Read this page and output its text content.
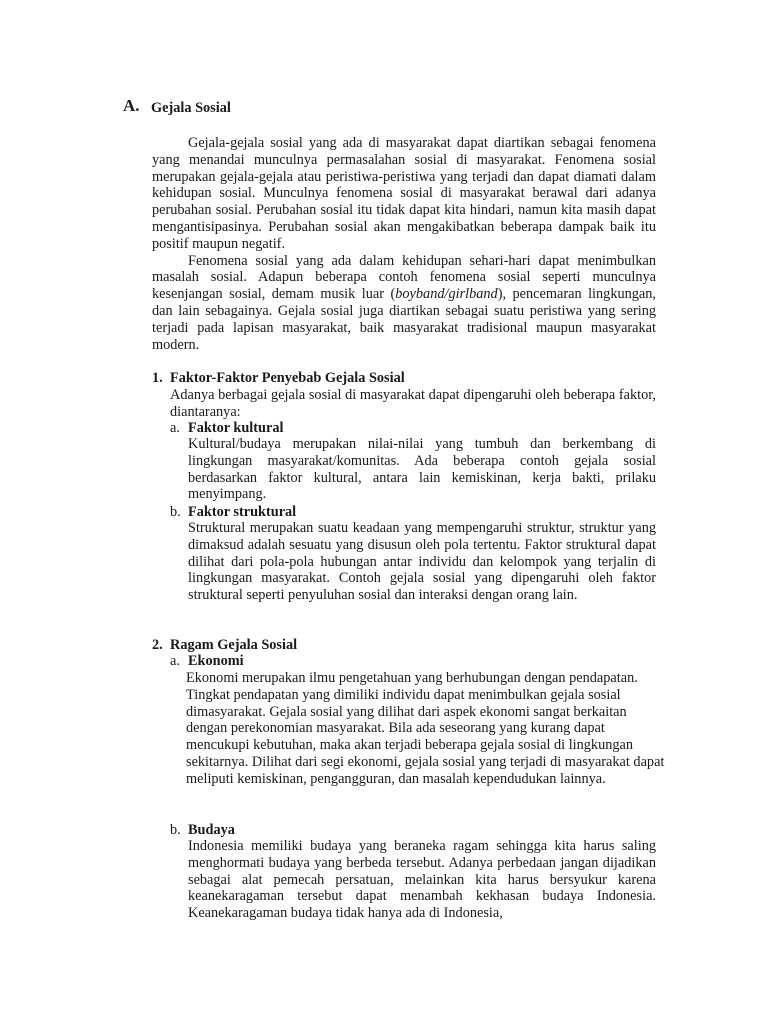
A. Gejala Sosial

Gejala-gejala sosial yang ada di masyarakat dapat diartikan sebagai fenomena yang menandai munculnya permasalahan sosial di masyarakat. Fenomena sosial merupakan gejala-gejala atau peristiwa-peristiwa yang terjadi dan dapat diamati dalam kehidupan sosial. Munculnya fenomena sosial di masyarakat berawal dari adanya perubahan sosial. Perubahan sosial itu tidak dapat kita hindari, namun kita masih dapat mengantisipasinya. Perubahan sosial akan mengakibatkan beberapa dampak baik itu positif maupun negatif.

Fenomena sosial yang ada dalam kehidupan sehari-hari dapat menimbulkan masalah sosial. Adapun beberapa contoh fenomena sosial seperti munculnya kesenjangan sosial, demam musik luar (boyband/girlband), pencemaran lingkungan, dan lain sebagainya. Gejala sosial juga diartikan sebagai suatu peristiwa yang sering terjadi pada lapisan masyarakat, baik masyarakat tradisional maupun masyarakat modern.

1. Faktor-Faktor Penyebab Gejala Sosial
Adanya berbagai gejala sosial di masyarakat dapat dipengaruhi oleh beberapa faktor, diantaranya:
a. Faktor kultural
Kultural/budaya merupakan nilai-nilai yang tumbuh dan berkembang di lingkungan masyarakat/komunitas. Ada beberapa contoh gejala sosial berdasarkan faktor kultural, antara lain kemiskinan, kerja bakti, prilaku menyimpang.
b. Faktor struktural
Struktural merupakan suatu keadaan yang mempengaruhi struktur, struktur yang dimaksud adalah sesuatu yang disusun oleh pola tertentu. Faktor struktural dapat dilihat dari pola-pola hubungan antar individu dan kelompok yang terjalin di lingkungan masyarakat. Contoh gejala sosial yang dipengaruhi oleh faktor struktural seperti penyuluhan sosial dan interaksi dengan orang lain.
2. Ragam Gejala Sosial
a. Ekonomi
Ekonomi merupakan ilmu pengetahuan yang berhubungan dengan pendapatan. Tingkat pendapatan yang dimiliki individu dapat menimbulkan gejala sosial dimasyarakat. Gejala sosial yang dilihat dari aspek ekonomi sangat berkaitan dengan perekonomian masyarakat. Bila ada seseorang yang kurang dapat mencukupi kebutuhan, maka akan terjadi beberapa gejala sosial di lingkungan sekitarnya. Dilihat dari segi ekonomi, gejala sosial yang terjadi di masyarakat dapat meliputi kemiskinan, pengangguran, dan masalah kependudukan lainnya.
b. Budaya
Indonesia memiliki budaya yang beraneka ragam sehingga kita harus saling menghormati budaya yang berbeda tersebut. Adanya perbedaan jangan dijadikan sebagai alat pemecah persatuan, melainkan kita harus bersyukur karena keanekaragaman tersebut dapat menambah kekhasan budaya Indonesia. Keanekaragaman budaya tidak hanya ada di Indonesia,
